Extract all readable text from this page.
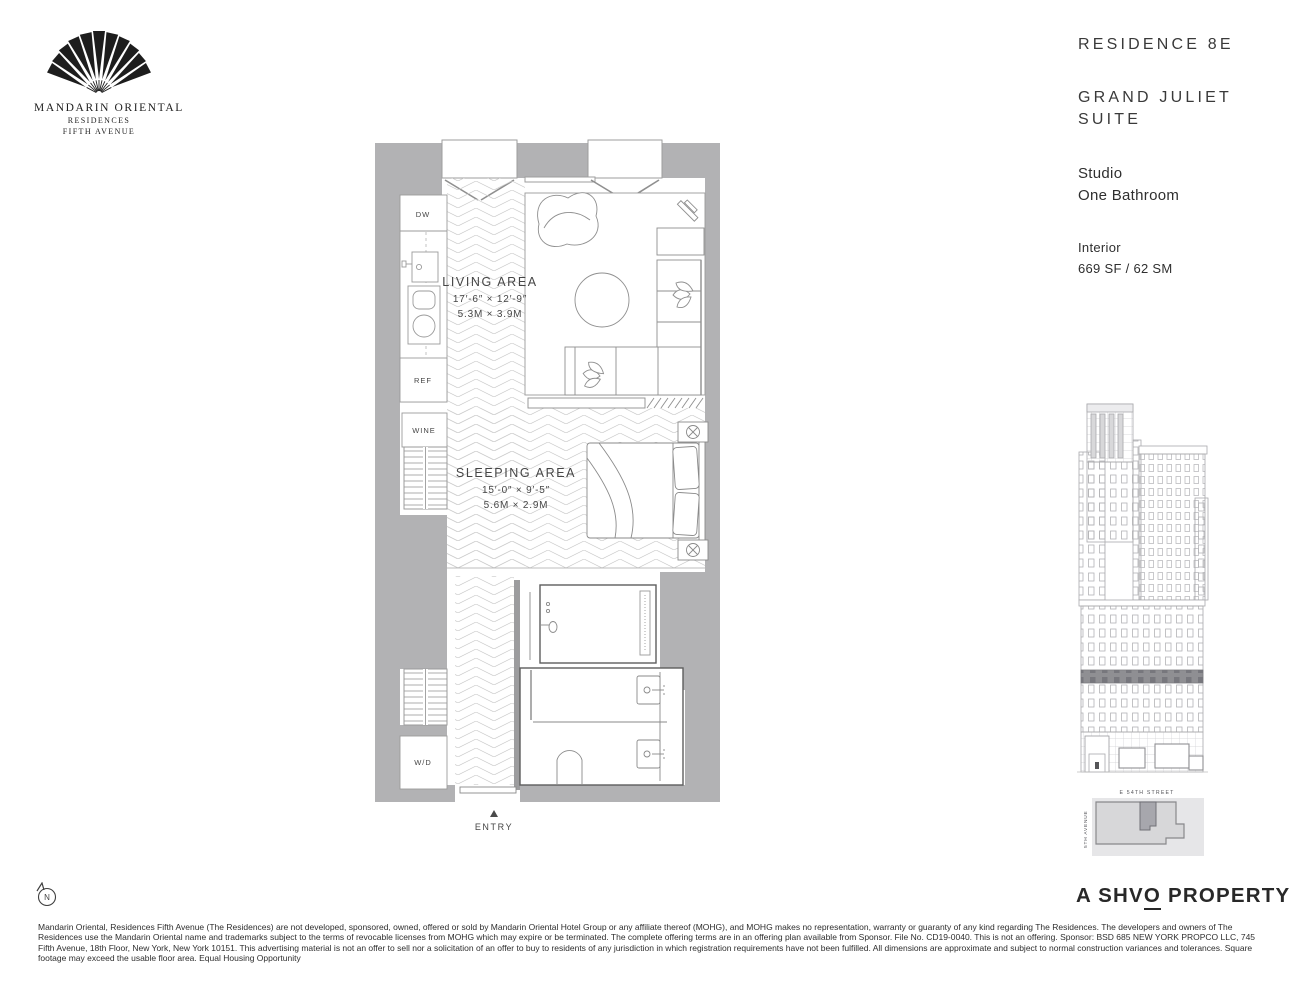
MANDARIN ORIENTAL
RESIDENCES
FIFTH AVENUE
RESIDENCE 8E
GRAND JULIET
SUITE
Studio
One Bathroom
Interior
669 SF / 62 SM
LIVING AREA
17′-6″ × 12′-9″
5.3M × 3.9M
SLEEPING AREA
15′-0″ × 9′-5″
5.6M × 2.9M
DW
REF
WINE
W/D
ENTRY
E 54TH STREET
5TH AVENUE
N	A SHVO PROPERTY
Mandarin Oriental, Residences Fifth Avenue (The Residences) are not developed, sponsored, owned, offered or sold by Mandarin Oriental Hotel Group or any affiliate thereof (MOHG), and MOHG makes no representation, warranty or guaranty of any kind regarding The Residences. The developers and owners of The Residences use the Mandarin Oriental name and trademarks subject to the terms of revocable licenses from MOHG which may expire or be terminated. The complete offering terms are in an offering plan available from Sponsor. File No. CD19-0040. This is not an offering. Sponsor: BSD 685 NEW YORK PROPCO LLC, 745 Fifth Avenue, 18th Floor, New York, New York 10151. This advertising material is not an offer to sell nor a solicitation of an offer to buy to residents of any jurisdiction in which registration requirements have not been fulfilled. All dimensions are approximate and subject to normal construction variances and tolerances. Square footage may exceed the usable floor area. Equal Housing Opportunity
